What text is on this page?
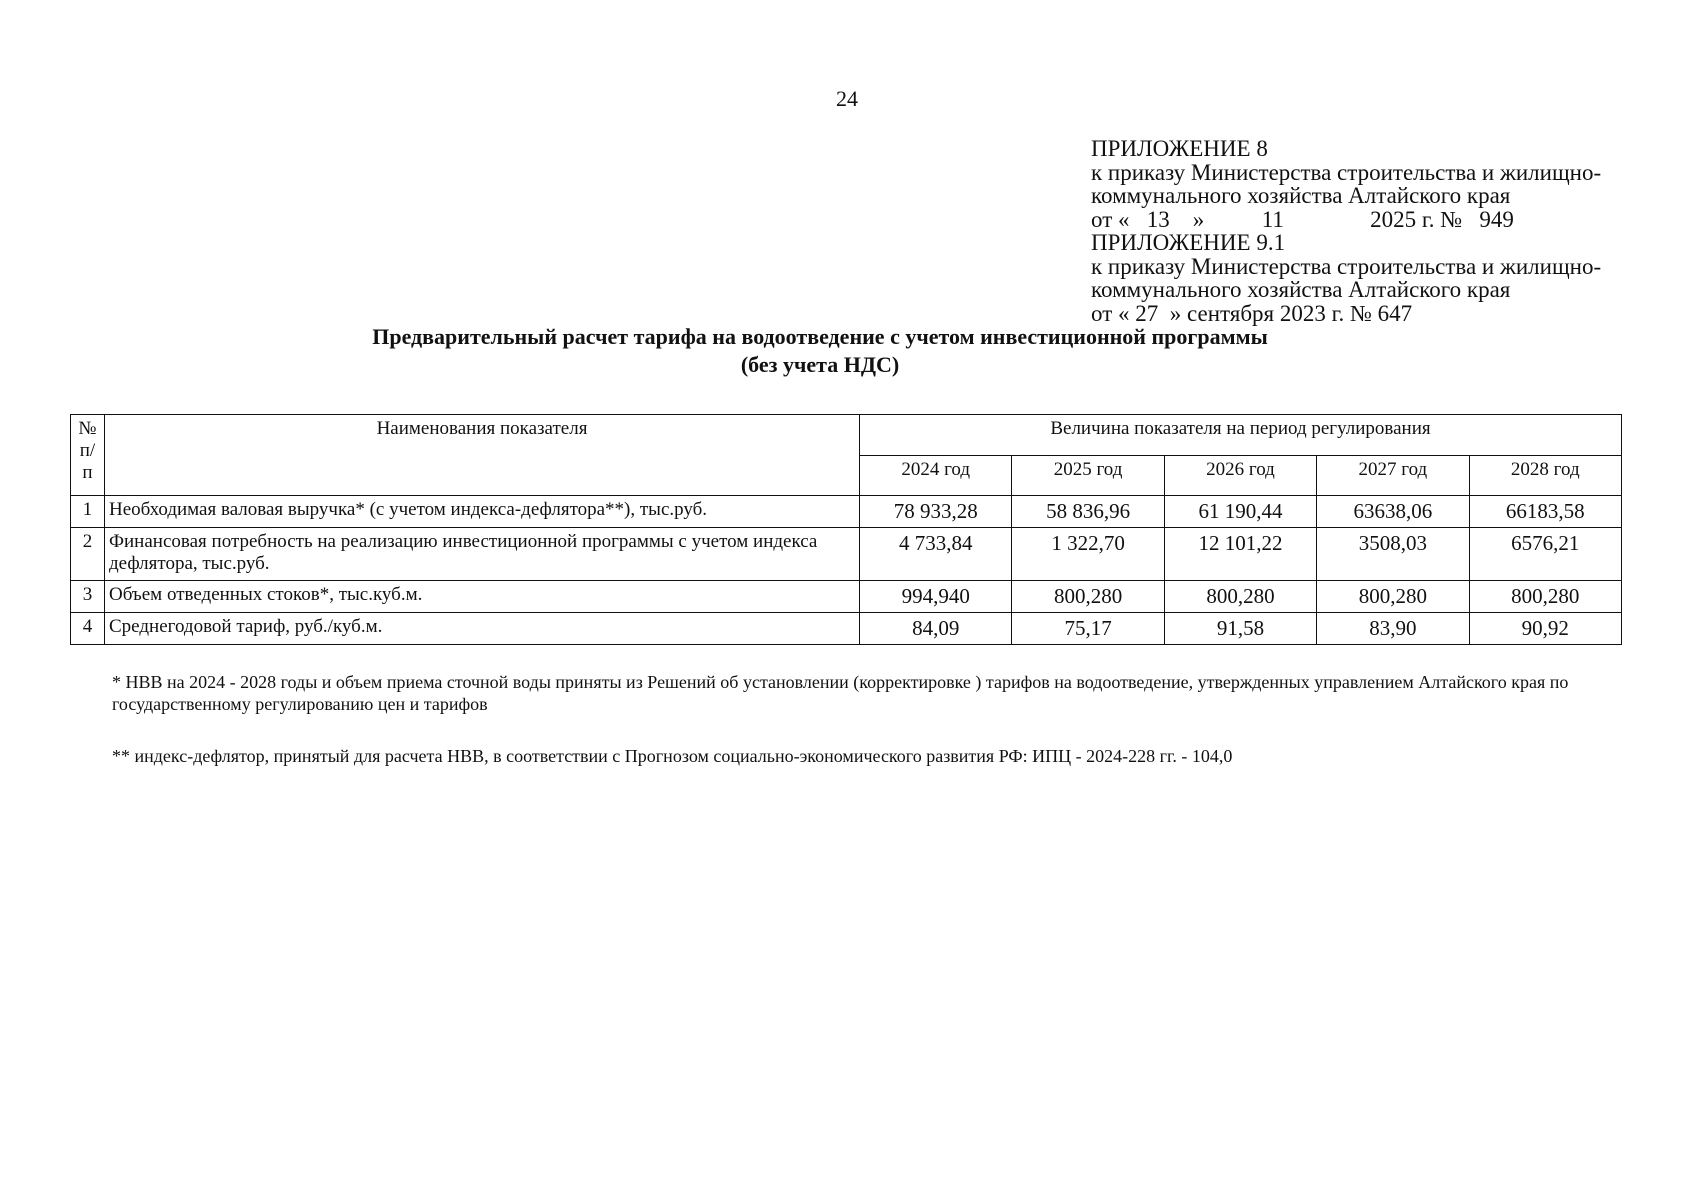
24
ПРИЛОЖЕНИЕ 8
к приказу Министерства строительства и жилищно-
коммунального хозяйства Алтайского края
от «   13    »          11               2025 г. №   949
ПРИЛОЖЕНИЕ 9.1
к приказу Министерства строительства и жилищно-
коммунального хозяйства Алтайского края
от « 27  » сентября 2023 г. № 647
Предварительный расчет тарифа на водоотведение с учетом инвестиционной программы
(без учета НДС)
№ п/п	Наименования показателя	Величина показателя на период регулирования				
		2024 год	2025 год	2026 год	2027 год	2028 год
1	Необходимая валовая выручка* (с учетом индекса-дефлятора**), тыс.руб.	78 933,28	58 836,96	61 190,44	63638,06	66183,58
2	Финансовая потребность на реализацию инвестиционной программы с учетом индекса дефлятора, тыс.руб.	4 733,84	1 322,70	12 101,22	3508,03	6576,21
3	Объем отведенных стоков*, тыс.куб.м.	994,940	800,280	800,280	800,280	800,280
4	Среднегодовой тариф, руб./куб.м.	84,09	75,17	91,58	83,90	90,92
* НВВ на 2024 - 2028 годы и объем приема сточной воды приняты из Решений об установлении (корректировке ) тарифов на водоотведение, утвержденных управлением Алтайского края по государственному регулированию цен и тарифов
** индекс-дефлятор, принятый для расчета НВВ, в соответствии с Прогнозом социально-экономического развития РФ: ИПЦ - 2024-228 гг. - 104,0
